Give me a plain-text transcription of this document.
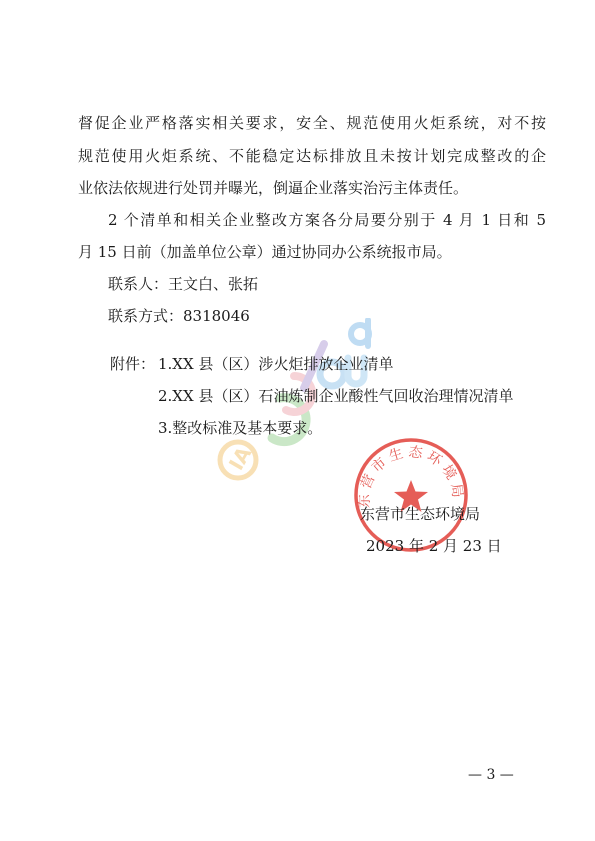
IA
督促企业严格落实相关要求，安全、规范使用火炬系统，对不按
规范使用火炬系统、不能稳定达标排放且未按计划完成整改的企
业依法依规进行处罚并曝光，倒逼企业落实治污主体责任。
2 个清单和相关企业整改方案各分局要分别于 4 月 1 日和 5
月 15 日前（加盖单位公章）通过协同办公系统报市局。
联系人：王文白、张拓
联系方式：8318046
附件： 1.XX 县（区）涉火炬排放企业清单
2.XX 县（区）石油炼制企业酸性气回收治理情况清单
3.整改标准及基本要求。
东营市生态环境局
东营市生态环境局
2023 年 2 月 23 日
— 3 —
